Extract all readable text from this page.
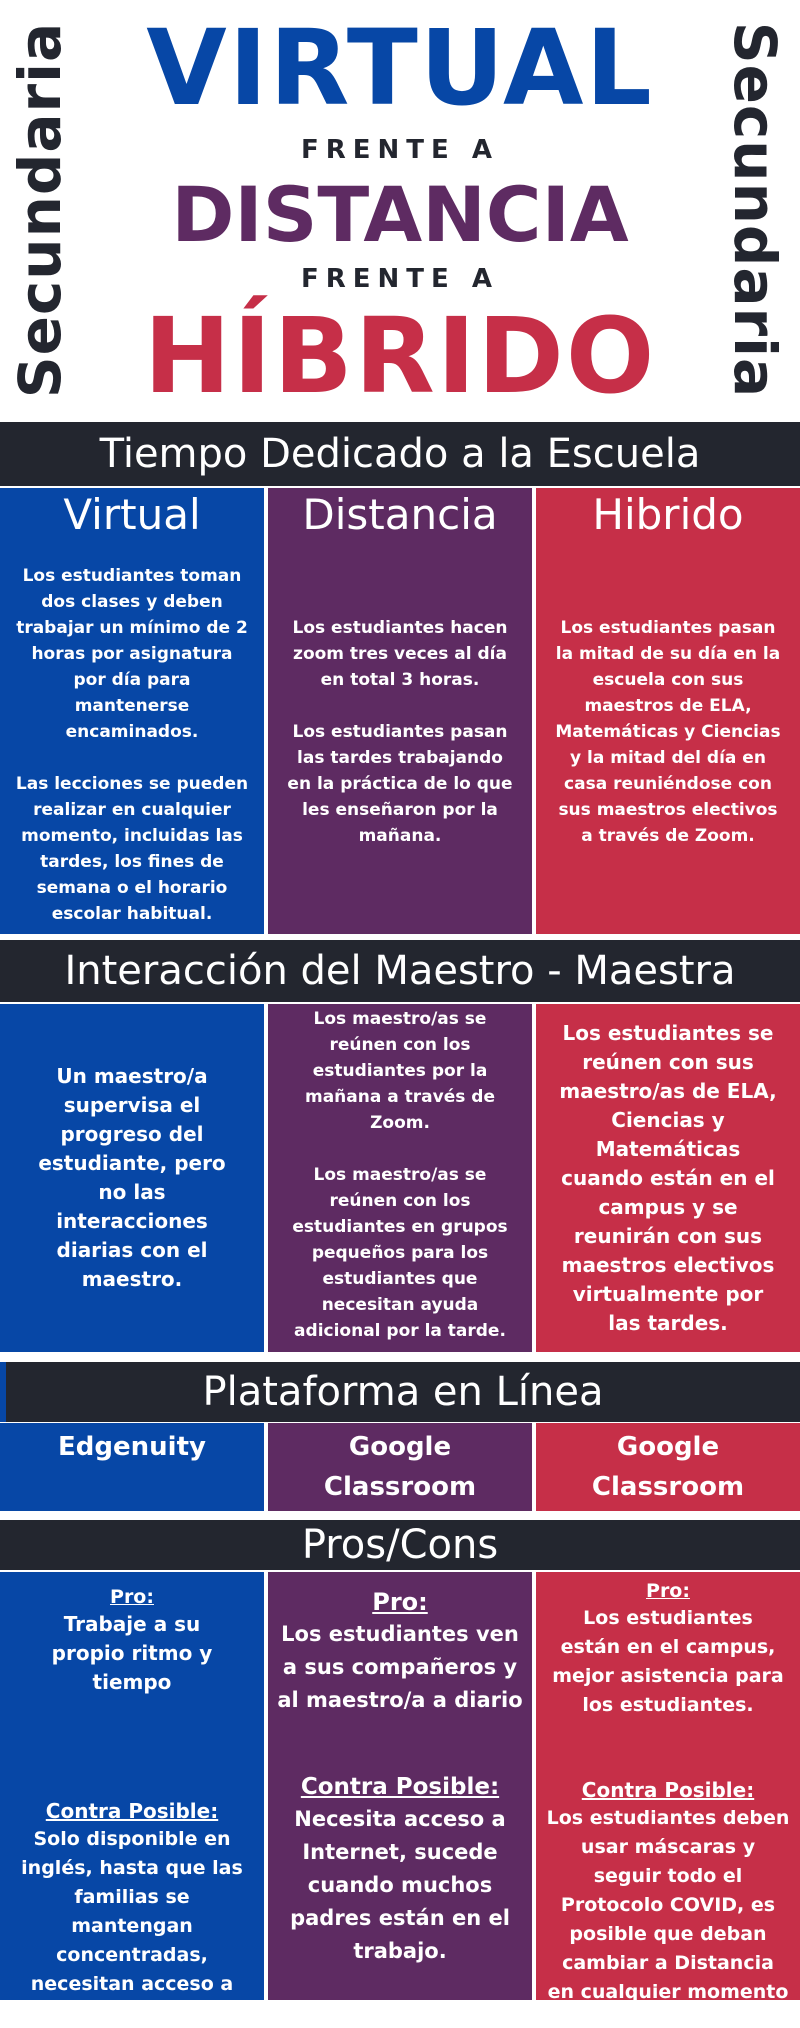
Secundaria	Secundaria
VIRTUAL
FRENTE A
DISTANCIA
FRENTE A
HÍBRIDO
Tiempo Dedicado a la Escuela
Virtual
Los estudiantes toman dos clases y deben trabajar un mínimo de 2 horas por asignatura por día para mantenerse encaminados.

Las lecciones se pueden realizar en cualquier momento, incluidas las tardes, los fines de semana o el horario escolar habitual.
Distancia
Los estudiantes hacen zoom tres veces al día en total 3 horas.

Los estudiantes pasan las tardes trabajando en la práctica de lo que les enseñaron por la mañana.
Hibrido
Los estudiantes pasan la mitad de su día en la escuela con sus maestros de ELA, Matemáticas y Ciencias y la mitad del día en casa reuniéndose con sus maestros electivos a través de Zoom.
Interacción del Maestro - Maestra
Un maestro/a supervisa el progreso del estudiante, pero no las interacciones diarias con el maestro.
Los maestro/as se reúnen con los estudiantes por la mañana a través de Zoom.

Los maestro/as se reúnen con los estudiantes en grupos pequeños para los estudiantes que necesitan ayuda adicional por la tarde.
Los estudiantes se reúnen con sus maestro/as de ELA, Ciencias y Matemáticas cuando están en el campus y se reunirán con sus maestros electivos virtualmente por las tardes.
Plataforma en Línea
Edgenuity	Google Classroom
Google Classroom
Pros/Cons
Pro:
Trabaje a su propio ritmo y tiempo
Contra Posible:
Solo disponible en inglés, hasta que las familias se mantengan concentradas, necesitan acceso a Internet
Pro:
Los estudiantes ven a sus compañeros y al maestro/a a diario
Contra Posible:
Necesita acceso a Internet, sucede cuando muchos padres están en el trabajo.
Pro:
Los estudiantes están en el campus, mejor asistencia para los estudiantes.
Contra Posible:
Los estudiantes deben usar máscaras y seguir todo el Protocolo COVID, es posible que deban cambiar a Distancia en cualquier momento
